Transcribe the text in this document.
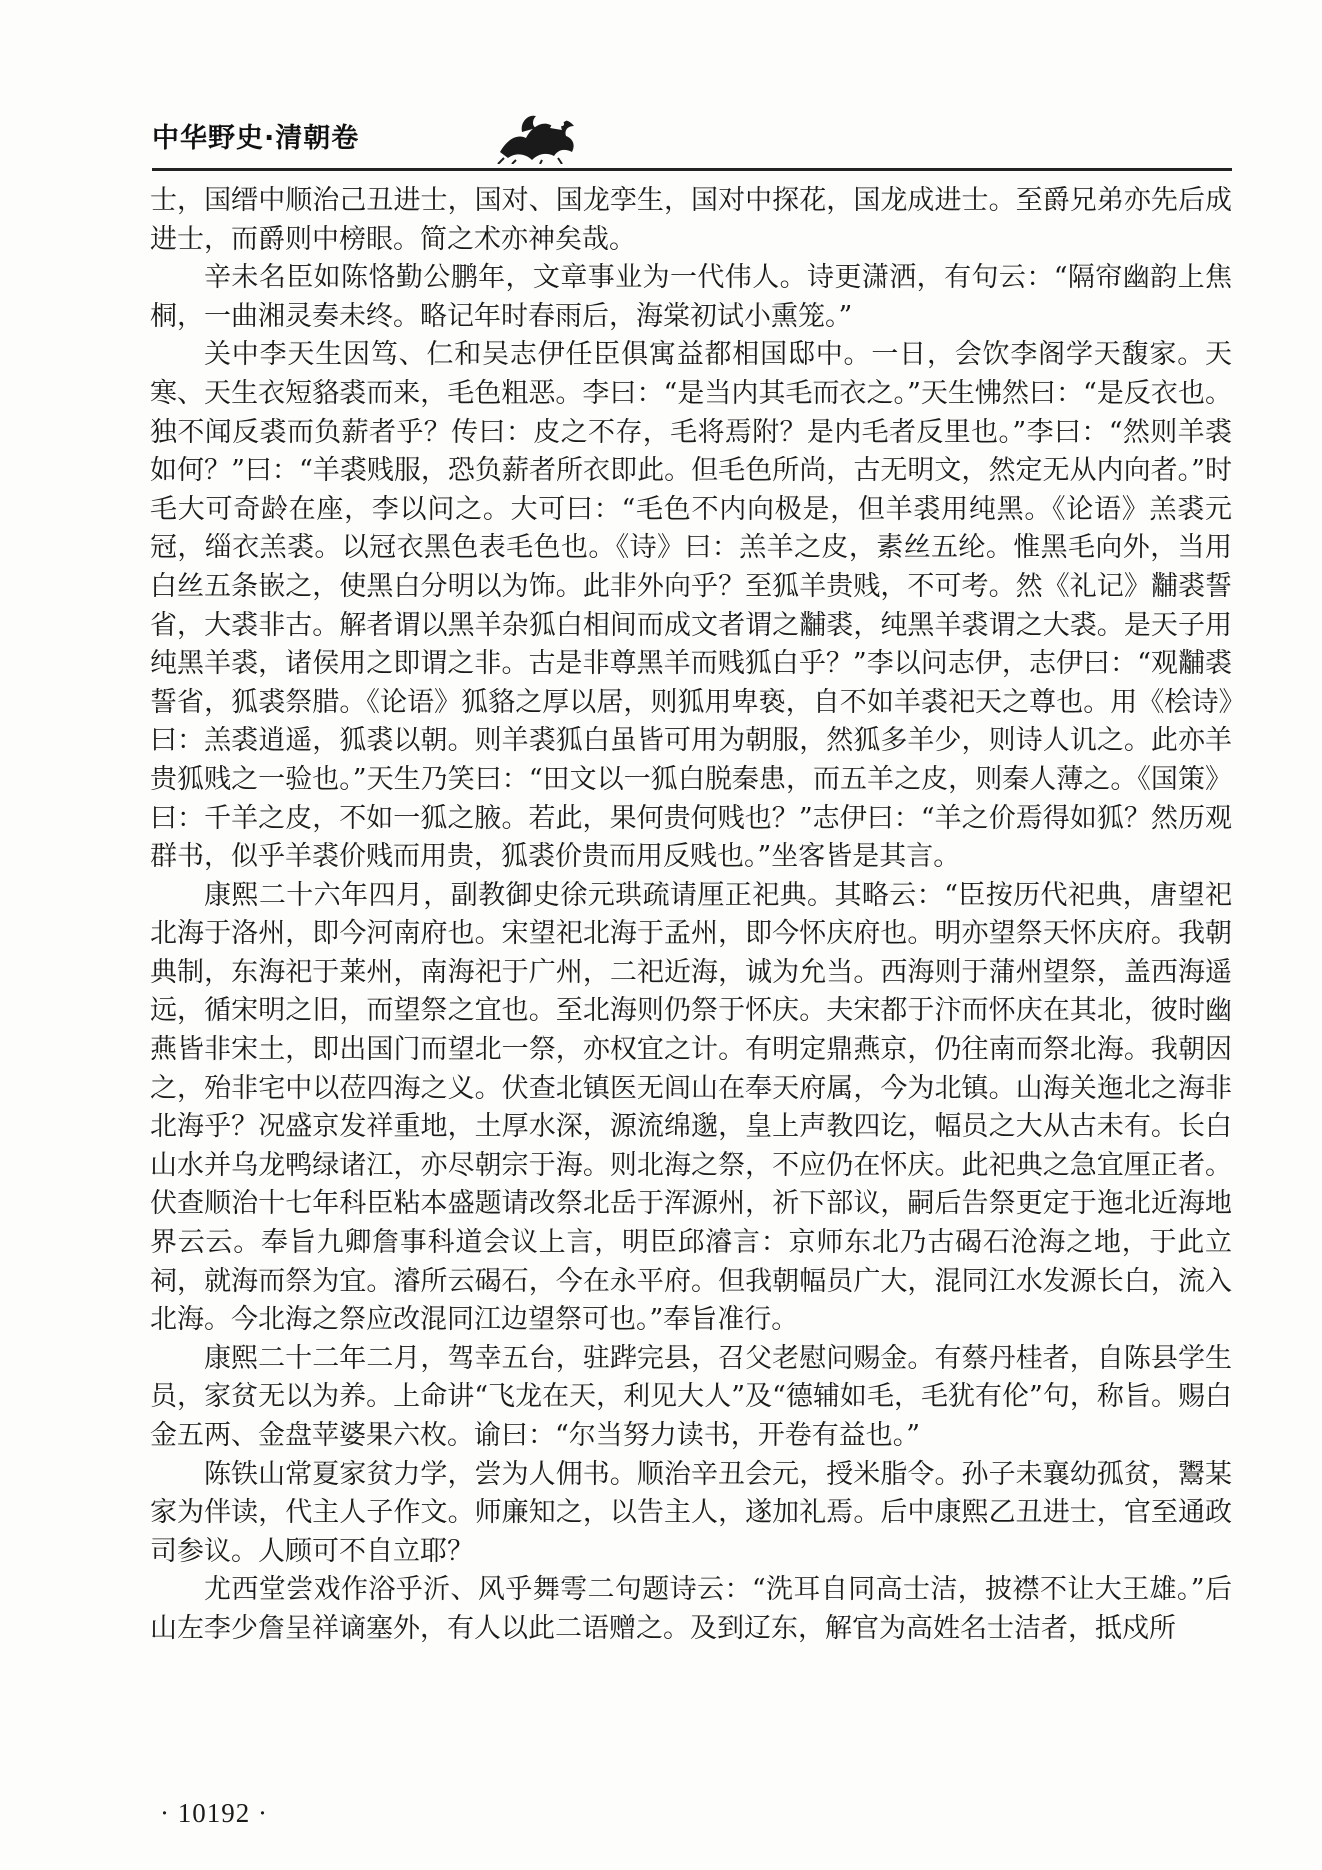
中华野史·清朝卷

士，国缙中顺治己丑进士，国对、国龙孪生，国对中探花，国龙成进士。至爵兄弟亦先后成进士，而爵则中榜眼。简之术亦神矣哉。

辛未名臣如陈恪勤公鹏年，文章事业为一代伟人。诗更潇洒，有句云：“隔帘幽韵上焦桐，一曲湘灵奏未终。略记年时春雨后，海棠初试小熏笼。”

关中李天生因笃、仁和吴志伊任臣俱寓益都相国邸中。一日，会饮李阁学天馥家。天寒、天生衣短貉裘而来，毛色粗恶。李曰：“是当内其毛而衣之。”天生怫然曰：“是反衣也。独不闻反裘而负薪者乎？传曰：皮之不存，毛将焉附？是内毛者反里也。”李曰：“然则羊裘如何？”曰：“羊裘贱服，恐负薪者所衣即此。但毛色所尚，古无明文，然定无从内向者。”时毛大可奇龄在座，李以问之。大可曰：“毛色不内向极是，但羊裘用纯黑。《论语》羔裘元冠，缁衣羔裘。以冠衣黑色表毛色也。《诗》曰：羔羊之皮，素丝五纶。惟黑毛向外，当用白丝五条嵌之，使黑白分明以为饰。此非外向乎？至狐羊贵贱，不可考。然《礼记》黼裘誓省，大裘非古。解者谓以黑羊杂狐白相间而成文者谓之黼裘，纯黑羊裘谓之大裘。是天子用纯黑羊裘，诸侯用之即谓之非。古是非尊黑羊而贱狐白乎？”李以问志伊，志伊曰：“观黼裘誓省，狐裘祭腊。《论语》狐貉之厚以居，则狐用卑亵，自不如羊裘祀天之尊也。用《桧诗》曰：羔裘逍遥，狐裘以朝。则羊裘狐白虽皆可用为朝服，然狐多羊少，则诗人讥之。此亦羊贵狐贱之一验也。”天生乃笑曰：“田文以一狐白脱秦患，而五羊之皮，则秦人薄之。《国策》曰：千羊之皮，不如一狐之腋。若此，果何贵何贱也？”志伊曰：“羊之价焉得如狐？然历观群书，似乎羊裘价贱而用贵，狐裘价贵而用反贱也。”坐客皆是其言。

康熙二十六年四月，副教御史徐元珙疏请厘正祀典。其略云：“臣按历代祀典，唐望祀北海于洛州，即今河南府也。宋望祀北海于孟州，即今怀庆府也。明亦望祭天怀庆府。我朝典制，东海祀于莱州，南海祀于广州，二祀近海，诚为允当。西海则于蒲州望祭，盖西海遥远，循宋明之旧，而望祭之宜也。至北海则仍祭于怀庆。夫宋都于汴而怀庆在其北，彼时幽燕皆非宋土，即出国门而望北一祭，亦权宜之计。有明定鼎燕京，仍往南而祭北海。我朝因之，殆非宅中以莅四海之义。伏查北镇医无闾山在奉天府属，今为北镇。山海关迤北之海非北海乎？况盛京发祥重地，土厚水深，源流绵邈，皇上声教四讫，幅员之大从古未有。长白山水并乌龙鸭绿诸江，亦尽朝宗于海。则北海之祭，不应仍在怀庆。此祀典之急宜厘正者。伏查顺治十七年科臣粘本盛题请改祭北岳于浑源州，祈下部议，嗣后告祭更定于迤北近海地界云云。奉旨九卿詹事科道会议上言，明臣邱濬言：京师东北乃古碣石沧海之地，于此立祠，就海而祭为宜。濬所云碣石，今在永平府。但我朝幅员广大，混同江水发源长白，流入北海。今北海之祭应改混同江边望祭可也。”奉旨准行。

康熙二十二年二月，驾幸五台，驻跸完县，召父老慰问赐金。有蔡丹桂者，自陈县学生员，家贫无以为养。上命讲“飞龙在天，利见大人”及“德辅如毛，毛犹有伦”句，称旨。赐白金五两、金盘苹婆果六枚。谕曰：“尔当努力读书，开卷有益也。”

陈铁山常夏家贫力学，尝为人佣书。顺治辛丑会元，授米脂令。孙子未襄幼孤贫，鬻某家为伴读，代主人子作文。师廉知之，以告主人，遂加礼焉。后中康熙乙丑进士，官至通政司参议。人顾可不自立耶？

尤西堂尝戏作浴乎沂、风乎舞雩二句题诗云：“洗耳自同高士洁，披襟不让大王雄。”后山左李少詹呈祥谪塞外，有人以此二语赠之。及到辽东，解官为高姓名士洁者，抵戍所

· 10192 ·
